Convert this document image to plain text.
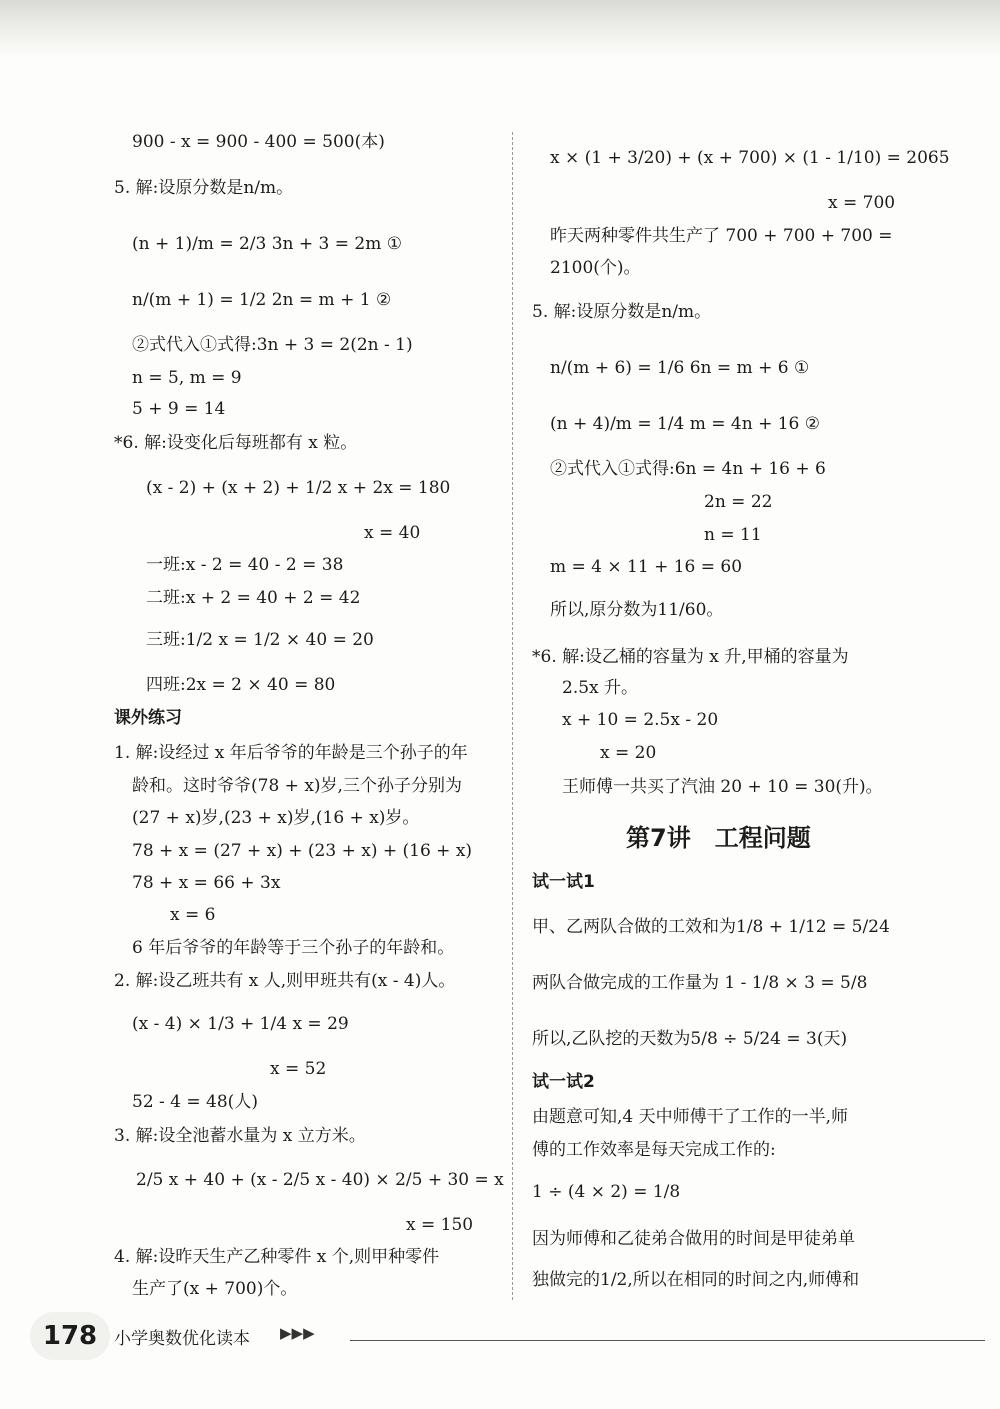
900 - x = 900 - 400 = 500(本)
5. 解:设原分数是n/m。
(n + 1)/m = 2/3 3n + 3 = 2m ①
n/(m + 1) = 1/2 2n = m + 1 ②
②式代入①式得:3n + 3 = 2(2n - 1)
n = 5, m = 9
5 + 9 = 14
*6. 解:设变化后每班都有 x 粒。
(x - 2) + (x + 2) + 1/2 x + 2x = 180
x = 40
一班:x - 2 = 40 - 2 = 38
二班:x + 2 = 40 + 2 = 42
三班:1/2 x = 1/2 × 40 = 20
四班:2x = 2 × 40 = 80
课外练习
1. 解:设经过 x 年后爷爷的年龄是三个孙子的年
龄和。这时爷爷(78 + x)岁,三个孙子分别为
(27 + x)岁,(23 + x)岁,(16 + x)岁。
78 + x = (27 + x) + (23 + x) + (16 + x)
78 + x = 66 + 3x
x = 6
6 年后爷爷的年龄等于三个孙子的年龄和。
2. 解:设乙班共有 x 人,则甲班共有(x - 4)人。
(x - 4) × 1/3 + 1/4 x = 29
x = 52
52 - 4 = 48(人)
3. 解:设全池蓄水量为 x 立方米。
2/5 x + 40 + (x - 2/5 x - 40) × 2/5 + 30 = x
x = 150
4. 解:设昨天生产乙种零件 x 个,则甲种零件
生产了(x + 700)个。
x × (1 + 3/20) + (x + 700) × (1 - 1/10) = 2065
x = 700
昨天两种零件共生产了 700 + 700 + 700 =
2100(个)。
5. 解:设原分数是n/m。
n/(m + 6) = 1/6 6n = m + 6 ①
(n + 4)/m = 1/4 m = 4n + 16 ②
②式代入①式得:6n = 4n + 16 + 6
2n = 22
n = 11
m = 4 × 11 + 16 = 60
所以,原分数为11/60。
*6. 解:设乙桶的容量为 x 升,甲桶的容量为
2.5x 升。
x + 10 = 2.5x - 20
x = 20
王师傅一共买了汽油 20 + 10 = 30(升)。
第7讲　工程问题
试一试1
甲、乙两队合做的工效和为1/8 + 1/12 = 5/24
两队合做完成的工作量为 1 - 1/8 × 3 = 5/8
所以,乙队挖的天数为5/8 ÷ 5/24 = 3(天)
试一试2
由题意可知,4 天中师傅干了工作的一半,师
傅的工作效率是每天完成工作的:
1 ÷ (4 × 2) = 1/8
因为师傅和乙徒弟合做用的时间是甲徒弟单
独做完的1/2,所以在相同的时间之内,师傅和
178 小学奥数优化读本 ▶▶▶
